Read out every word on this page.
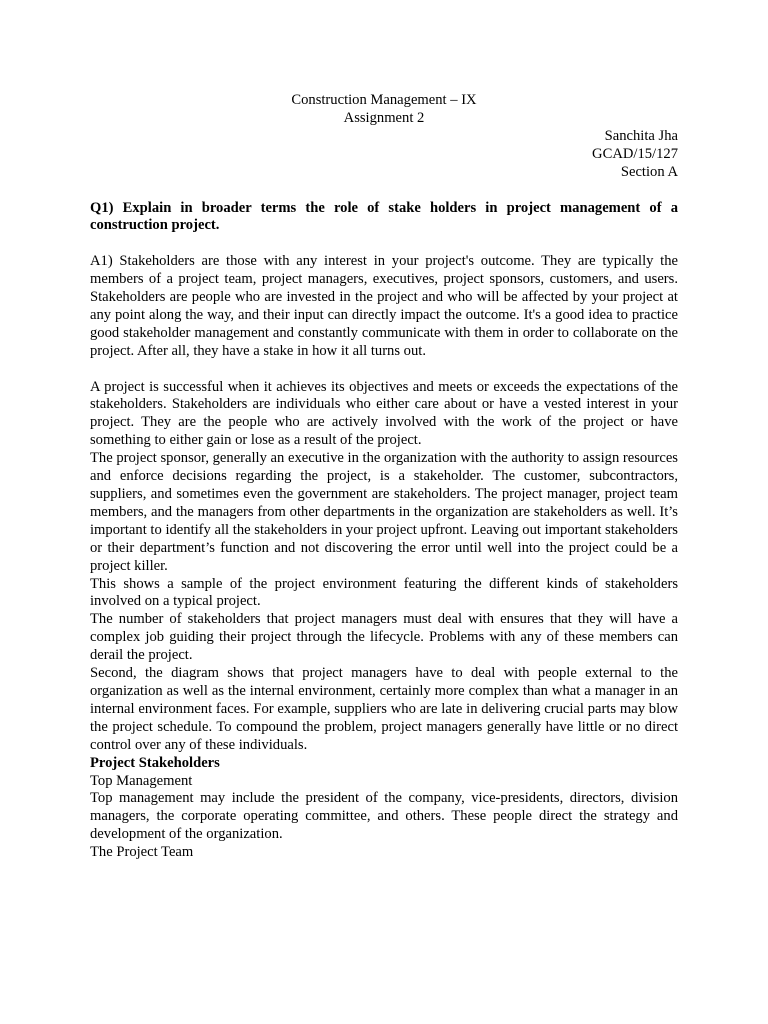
Construction Management – IX

Assignment 2

Sanchita Jha

GCAD/15/127

Section A

Q1) Explain in broader terms the role of stake holders in project management of a construction project.

A1) Stakeholders are those with any interest in your project's outcome. They are typically the members of a project team, project managers, executives, project sponsors, customers, and users. Stakeholders are people who are invested in the project and who will be affected by your project at any point along the way, and their input can directly impact the outcome. It's a good idea to practice good stakeholder management and constantly communicate with them in order to collaborate on the project. After all, they have a stake in how it all turns out.

A project is successful when it achieves its objectives and meets or exceeds the expectations of the stakeholders. Stakeholders are individuals who either care about or have a vested interest in your project. They are the people who are actively involved with the work of the project or have something to either gain or lose as a result of the project.

The project sponsor, generally an executive in the organization with the authority to assign resources and enforce decisions regarding the project, is a stakeholder. The customer, subcontractors, suppliers, and sometimes even the government are stakeholders. The project manager, project team members, and the managers from other departments in the organization are stakeholders as well. It’s important to identify all the stakeholders in your project upfront. Leaving out important stakeholders or their department’s function and not discovering the error until well into the project could be a project killer.

This shows a sample of the project environment featuring the different kinds of stakeholders involved on a typical project.

The number of stakeholders that project managers must deal with ensures that they will have a complex job guiding their project through the lifecycle. Problems with any of these members can derail the project.

Second, the diagram shows that project managers have to deal with people external to the organization as well as the internal environment, certainly more complex than what a manager in an internal environment faces. For example, suppliers who are late in delivering crucial parts may blow the project schedule. To compound the problem, project managers generally have little or no direct control over any of these individuals.

Project Stakeholders

Top Management

Top management may include the president of the company, vice-presidents, directors, division managers, the corporate operating committee, and others. These people direct the strategy and development of the organization.

The Project Team
